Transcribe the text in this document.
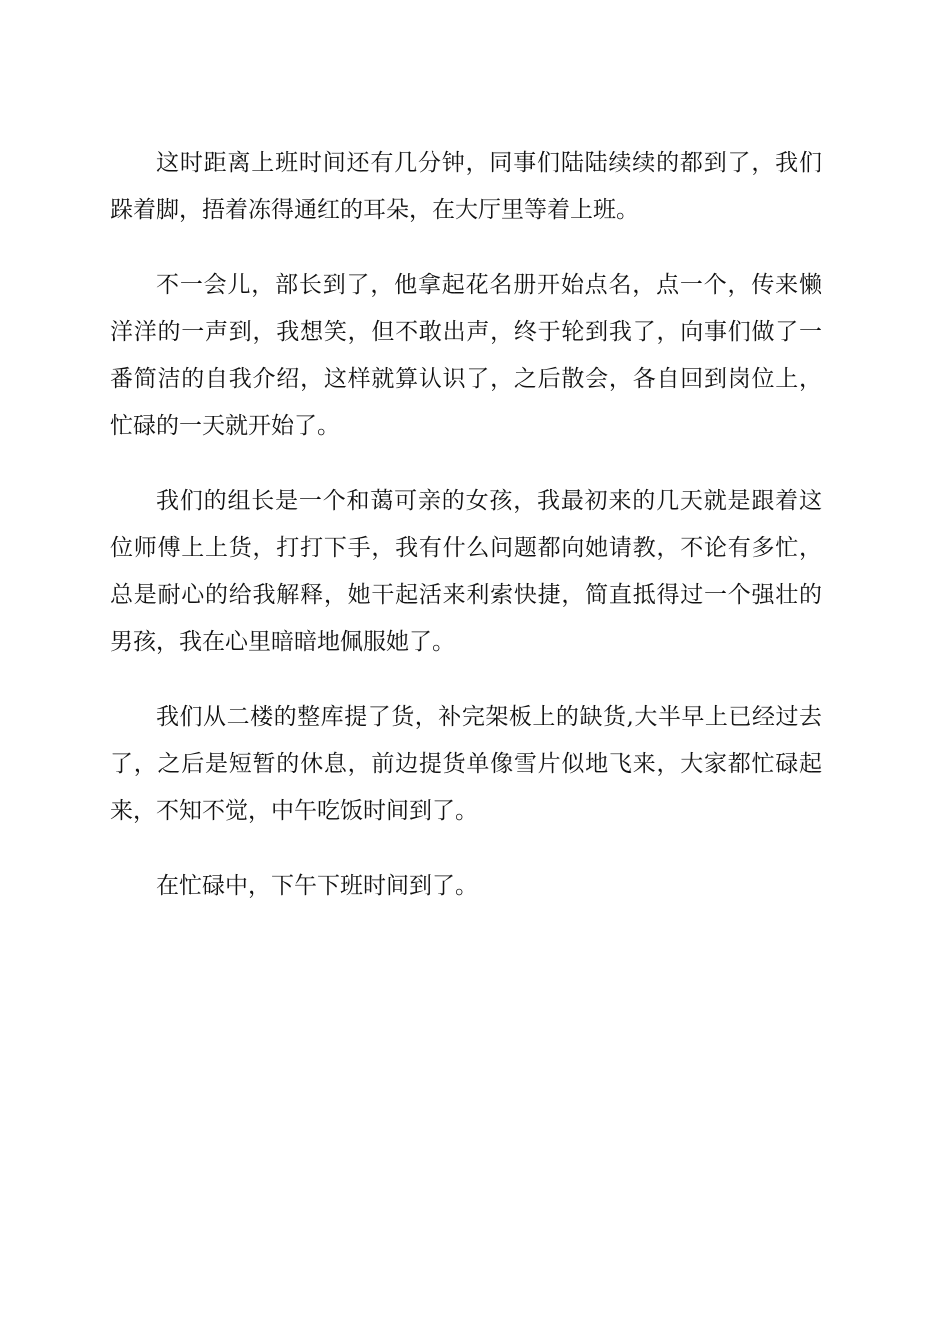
这时距离上班时间还有几分钟，同事们陆陆续续的都到了，我们跺着脚，捂着冻得通红的耳朵，在大厅里等着上班。

不一会儿，部长到了，他拿起花名册开始点名，点一个，传来懒洋洋的一声到，我想笑，但不敢出声，终于轮到我了，向事们做了一番简洁的自我介绍，这样就算认识了，之后散会，各自回到岗位上，忙碌的一天就开始了。

我们的组长是一个和蔼可亲的女孩，我最初来的几天就是跟着这位师傅上上货，打打下手，我有什么问题都向她请教，不论有多忙，总是耐心的给我解释，她干起活来利索快捷，简直抵得过一个强壮的男孩，我在心里暗暗地佩服她了。

我们从二楼的整库提了货，补完架板上的缺货,大半早上已经过去了，之后是短暂的休息，前边提货单像雪片似地飞来，大家都忙碌起来，不知不觉，中午吃饭时间到了。

在忙碌中，下午下班时间到了。
